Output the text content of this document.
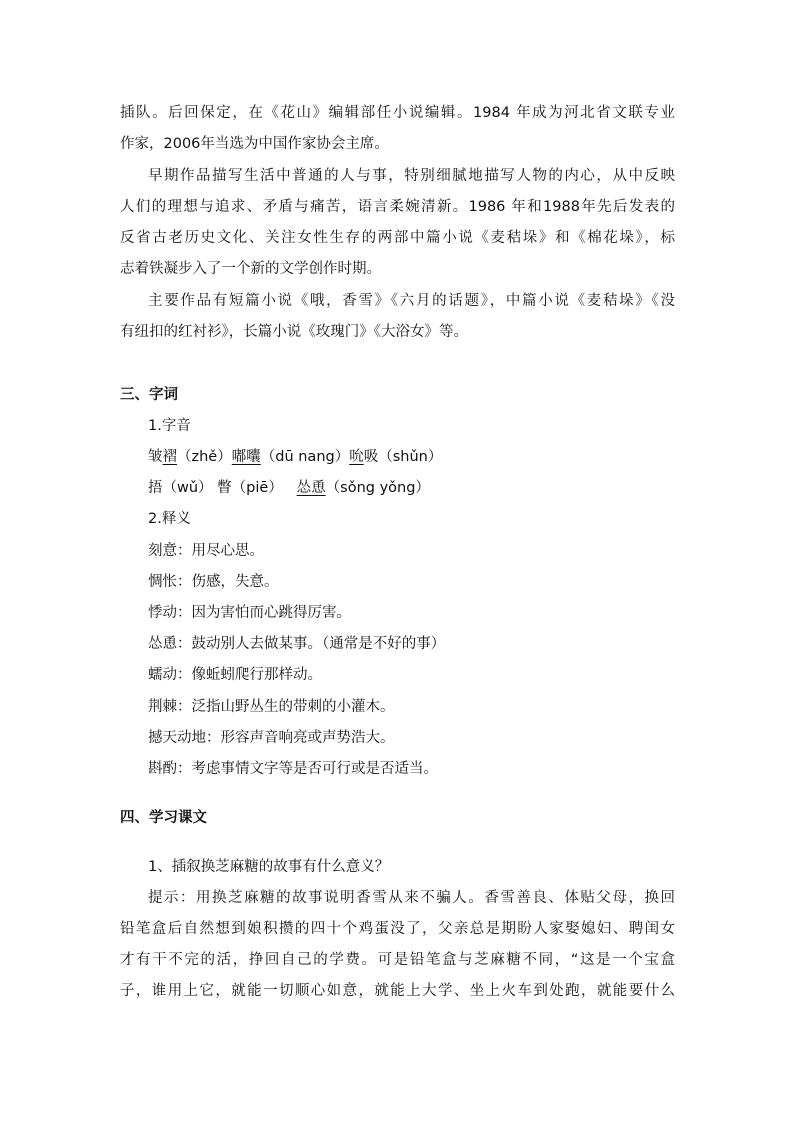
插队。后回保定，在《花山》编辑部任小说编辑。1984 年成为河北省文联专业
作家，2006年当选为中国作家协会主席。
早期作品描写生活中普通的人与事，特别细腻地描写人物的内心，从中反映
人们的理想与追求、矛盾与痛苦，语言柔婉清新。1986 年和1988年先后发表的
反省古老历史文化、关注女性生存的两部中篇小说《麦秸垛》和《棉花垛》，标
志着铁凝步入了一个新的文学创作时期。
主要作品有短篇小说《哦，香雪》《六月的话题》，中篇小说《麦秸垛》《没
有纽扣的红衬衫》，长篇小说《玫瑰门》《大浴女》等。
三、字词
1.字音
皱褶（zhě）嘟囔（dū nang）吮吸（shǔn）
捂（wǔ） 瞥（piē） 怂恿（sǒng yǒng）
2.释义
刻意：用尽心思。
惆怅：伤感，失意。
悸动：因为害怕而心跳得厉害。
怂恿：鼓动别人去做某事。（通常是不好的事）
蠕动：像蚯蚓爬行那样动。
荆棘：泛指山野丛生的带刺的小灌木。
撼天动地：形容声音响亮或声势浩大。
斟酌：考虑事情文字等是否可行或是否适当。
四、学习课文
1、插叙换芝麻糖的故事有什么意义？
提示：用换芝麻糖的故事说明香雪从来不骗人。香雪善良、体贴父母，换回
铅笔盒后自然想到娘积攒的四十个鸡蛋没了，父亲总是期盼人家娶媳妇、聘闺女
才有干不完的活，挣回自己的学费。可是铅笔盒与芝麻糖不同，“这是一个宝盒
子，谁用上它，就能一切顺心如意，就能上大学、坐上火车到处跑，就能要什么
